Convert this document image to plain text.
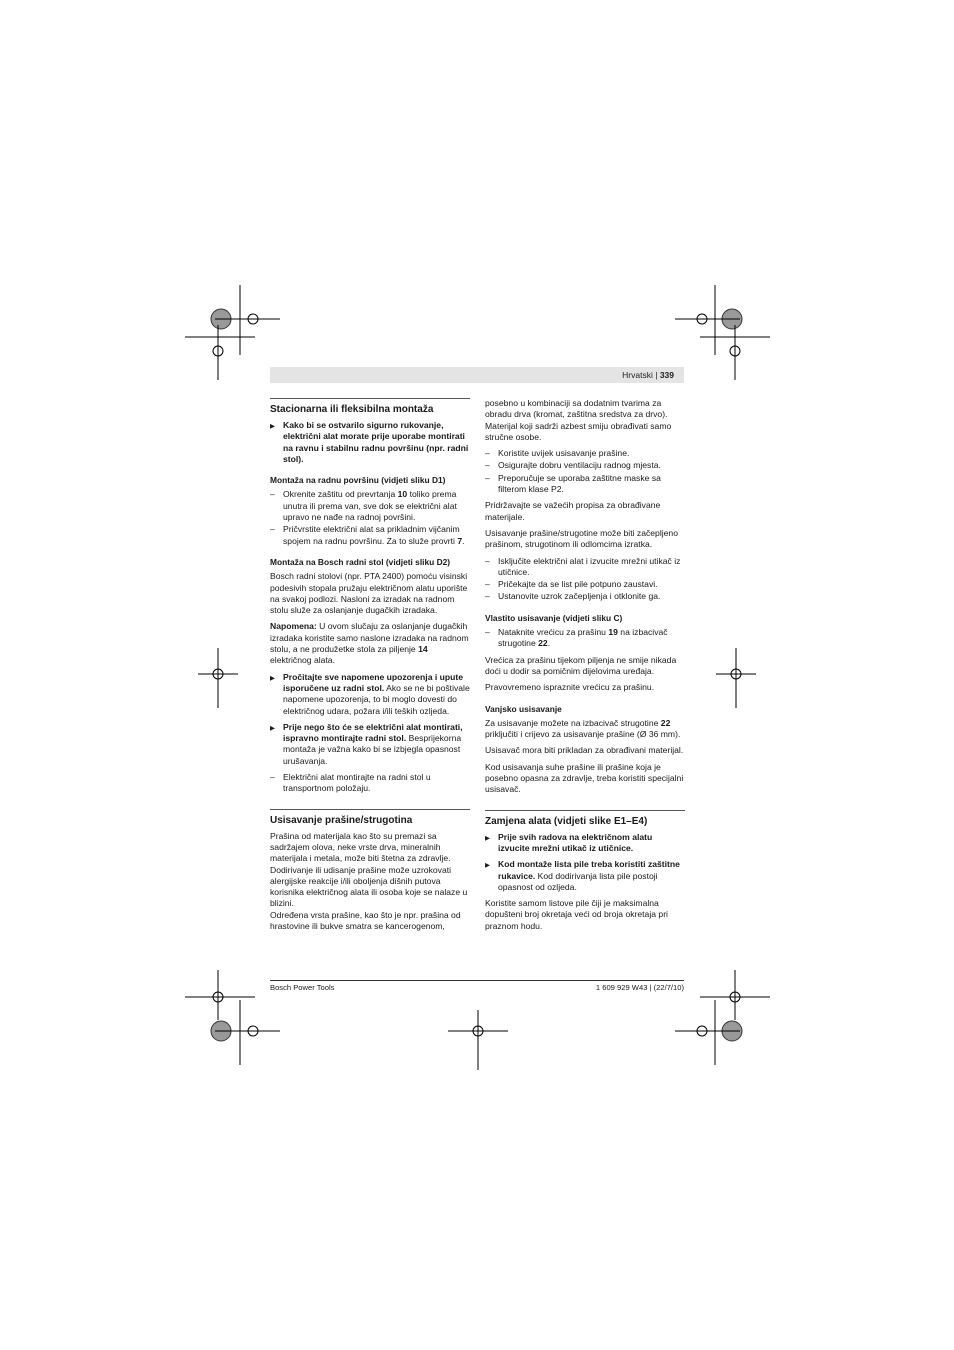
Hrvatski | 339
Stacionarna ili fleksibilna montaža
▶ Kako bi se ostvarilo sigurno rukovanje, električni alat morate prije uporabe montirati na ravnu i stabilnu radnu površinu (npr. radni stol).
Montaža na radnu površinu (vidjeti sliku D1)
– Okrenite zaštitu od prevrtanja 10 toliko prema unutra ili prema van, sve dok se električni alat upravo ne nađe na radnoj površini.
– Pričvrstite električni alat sa prikladnim vijčanim spojem na radnu površinu. Za to služe provrti 7.
Montaža na Bosch radni stol (vidjeti sliku D2)

Bosch radni stolovi (npr. PTA 2400) pomoću visinski podesivih stopala pružaju električnom alatu uporište na svakoj podlozi. Nasloni za izradak na radnom stolu služe za oslanjanje dugačkih izradaka.

Napomena: U ovom slučaju za oslanjanje dugačkih izradaka koristite samo naslone izradaka na radnom stolu, a ne produžetke stola za piljenje 14 električnog alata.

▶ Pročitajte sve napomene upozorenja i upute isporučene uz radni stol. Ako se ne bi poštivale napomene upozorenja, to bi moglo dovesti do električnog udara, požara i/ili teških ozljeda.
▶ Prije nego što će se električni alat montirati, ispravno montirajte radni stol. Besprijekorna montaža je važna kako bi se izbjegla opasnost urušavanja.
– Električni alat montirajte na radni stol u transportnom položaju.
Usisavanje prašine/strugotina

Prašina od materijala kao što su premazi sa sadržajem olova, neke vrste drva, mineralnih materijala i metala, može biti štetna za zdravlje. Dodirivanje ili udisanje prašine može uzrokovati alergijske reakcije i/ili oboljenja dišnih putova korisnika električnog alata ili osoba koje se nalaze u blizini.

Određena vrsta prašine, kao što je npr. prašina od hrastovine ili bukve smatra se kancerogenom,

posebno u kombinaciji sa dodatnim tvarima za obradu drva (kromat, zaštitna sredstva za drvo). Materijal koji sadrži azbest smiju obrađivati samo stručne osobe.

– Koristite uvijek usisavanje prašine.
– Osigurajte dobru ventilaciju radnog mjesta.
– Preporučuje se uporaba zaštitne maske sa filterom klase P2.

Pridržavajte se važećih propisa za obrađivane materijale.

Usisavanje prašine/strugotine može biti začepljeno prašinom, strugotinom ili odlomcima izratka.

– Isključite električni alat i izvucite mrežni utikač iz utičnice.
– Pričekajte da se list pile potpuno zaustavi.
– Ustanovite uzrok začepljenja i otklonite ga.
Vlastito usisavanje (vidjeti sliku C)
– Nataknite vrećicu za prašinu 19 na izbacivač strugotine 22.

Vrećica za prašinu tijekom piljenja ne smije nikada doći u dodir sa pomičnim dijelovima uređaja.

Pravovremeno ispraznite vrećicu za prašinu.

Vanjsko usisavanje

Za usisavanje možete na izbacivač strugotine 22 priključiti i crijevo za usisavanje prašine (Ø 36 mm).

Usisavač mora biti prikladan za obrađivani materijal.

Kod usisavanja suhe prašine ili prašine koja je posebno opasna za zdravlje, treba koristiti specijalni usisavač.

Zamjena alata (vidjeti slike E1–E4)
▶ Prije svih radova na električnom alatu izvucite mrežni utikač iz utičnice.
▶ Kod montaže lista pile treba koristiti zaštitne rukavice. Kod dodirivanja lista pile postoji opasnost od ozljeda.

Koristite samom listove pile čiji je maksimalna dopušteni broj okretaja veći od broja okretaja pri praznom hodu.

Bosch Power Tools	1 609 929 W43 | (22/7/10)
